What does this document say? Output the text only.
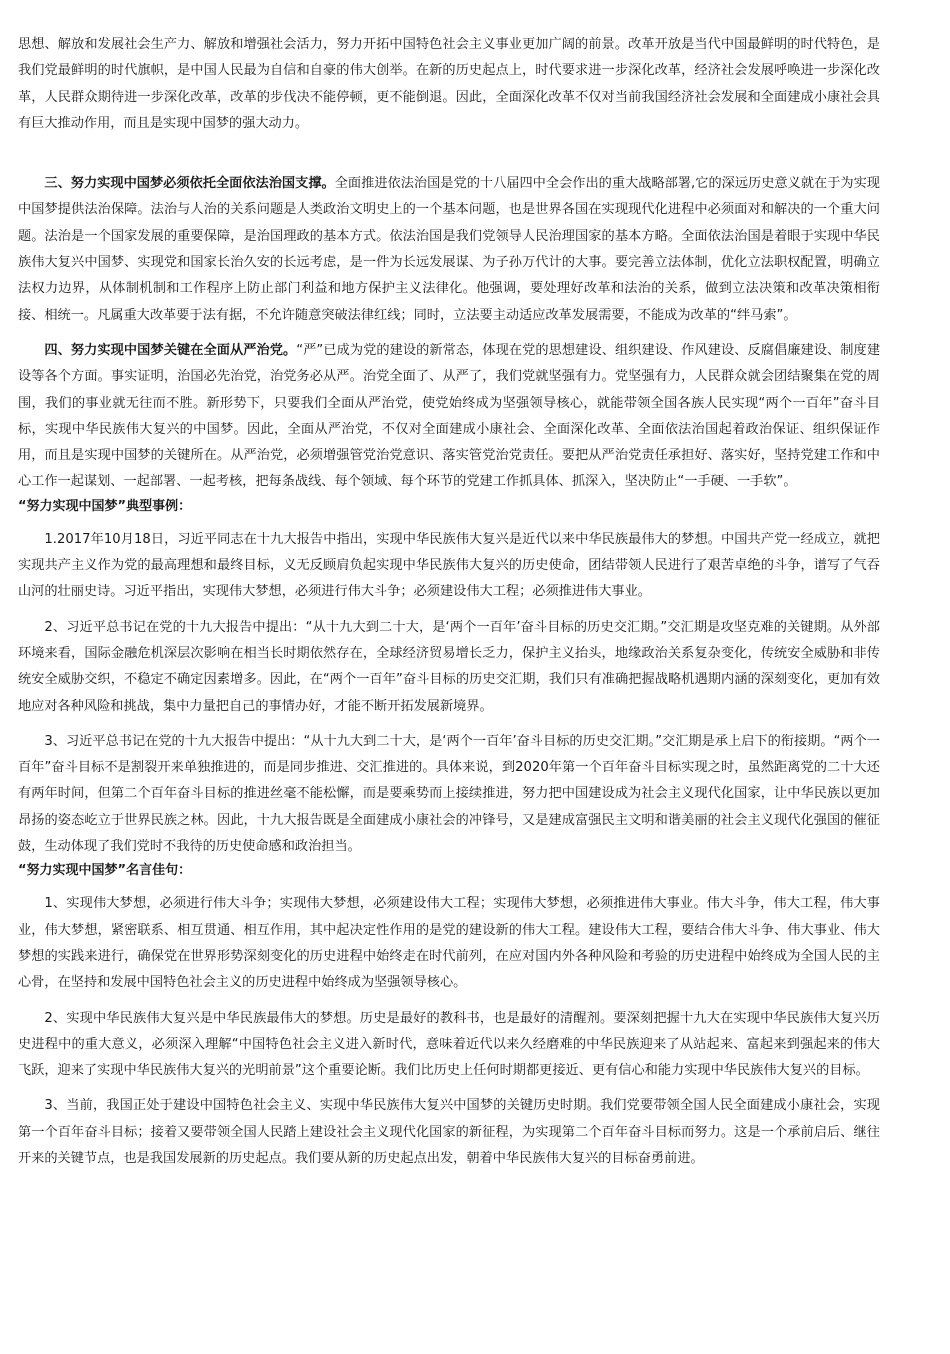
思想、解放和发展社会生产力、解放和增强社会活力，努力开拓中国特色社会主义事业更加广阔的前景。改革开放是当代中国最鲜明的时代特色，是我们党最鲜明的时代旗帜，是中国人民最为自信和自豪的伟大创举。在新的历史起点上，时代要求进一步深化改革，经济社会发展呼唤进一步深化改革，人民群众期待进一步深化改革，改革的步伐决不能停顿，更不能倒退。因此，全面深化改革不仅对当前我国经济社会发展和全面建成小康社会具有巨大推动作用，而且是实现中国梦的强大动力。

三、努力实现中国梦必须依托全面依法治国支撑。全面推进依法治国是党的十八届四中全会作出的重大战略部署,它的深远历史意义就在于为实现中国梦提供法治保障。法治与人治的关系问题是人类政治文明史上的一个基本问题，也是世界各国在实现现代化进程中必须面对和解决的一个重大问题。法治是一个国家发展的重要保障，是治国理政的基本方式。依法治国是我们党领导人民治理国家的基本方略。全面依法治国是着眼于实现中华民族伟大复兴中国梦、实现党和国家长治久安的长远考虑，是一件为长远发展谋、为子孙万代计的大事。要完善立法体制，优化立法职权配置，明确立法权力边界，从体制机制和工作程序上防止部门利益和地方保护主义法律化。他强调，要处理好改革和法治的关系，做到立法决策和改革决策相衔接、相统一。凡属重大改革要于法有据，不允许随意突破法律红线；同时，立法要主动适应改革发展需要，不能成为改革的“绊马索”。

四、努力实现中国梦关键在全面从严治党。“严”已成为党的建设的新常态，体现在党的思想建设、组织建设、作风建设、反腐倡廉建设、制度建设等各个方面。事实证明，治国必先治党，治党务必从严。治党全面了、从严了，我们党就坚强有力。党坚强有力，人民群众就会团结聚集在党的周围，我们的事业就无往而不胜。新形势下，只要我们全面从严治党，使党始终成为坚强领导核心，就能带领全国各族人民实现“两个一百年”奋斗目标，实现中华民族伟大复兴的中国梦。因此，全面从严治党，不仅对全面建成小康社会、全面深化改革、全面依法治国起着政治保证、组织保证作用，而且是实现中国梦的关键所在。从严治党，必须增强管党治党意识、落实管党治党责任。要把从严治党责任承担好、落实好，坚持党建工作和中心工作一起谋划、一起部署、一起考核，把每条战线、每个领域、每个环节的党建工作抓具体、抓深入，坚决防止“一手硬、一手软”。

“努力实现中国梦”典型事例：

1.2017年10月18日，习近平同志在十九大报告中指出，实现中华民族伟大复兴是近代以来中华民族最伟大的梦想。中国共产党一经成立，就把实现共产主义作为党的最高理想和最终目标，义无反顾肩负起实现中华民族伟大复兴的历史使命，团结带领人民进行了艰苦卓绝的斗争，谱写了气吞山河的壮丽史诗。习近平指出，实现伟大梦想，必须进行伟大斗争；必须建设伟大工程；必须推进伟大事业。

2、习近平总书记在党的十九大报告中提出：“从十九大到二十大，是‘两个一百年’奋斗目标的历史交汇期。”交汇期是攻坚克难的关键期。从外部环境来看，国际金融危机深层次影响在相当长时期依然存在，全球经济贸易增长乏力，保护主义抬头，地缘政治关系复杂变化，传统安全威胁和非传统安全威胁交织，不稳定不确定因素增多。因此，在“两个一百年”奋斗目标的历史交汇期，我们只有准确把握战略机遇期内涵的深刻变化，更加有效地应对各种风险和挑战，集中力量把自己的事情办好，才能不断开拓发展新境界。

3、习近平总书记在党的十九大报告中提出：“从十九大到二十大，是‘两个一百年’奋斗目标的历史交汇期。”交汇期是承上启下的衔接期。“两个一百年”奋斗目标不是割裂开来单独推进的，而是同步推进、交汇推进的。具体来说，到2020年第一个百年奋斗目标实现之时，虽然距离党的二十大还有两年时间，但第二个百年奋斗目标的推进丝毫不能松懈，而是要乘势而上接续推进，努力把中国建设成为社会主义现代化国家，让中华民族以更加昂扬的姿态屹立于世界民族之林。因此，十九大报告既是全面建成小康社会的冲锋号，又是建成富强民主文明和谐美丽的社会主义现代化强国的催征鼓，生动体现了我们党时不我待的历史使命感和政治担当。

“努力实现中国梦”名言佳句：

1、实现伟大梦想，必须进行伟大斗争；实现伟大梦想，必须建设伟大工程；实现伟大梦想，必须推进伟大事业。伟大斗争，伟大工程，伟大事业，伟大梦想，紧密联系、相互贯通、相互作用，其中起决定性作用的是党的建设新的伟大工程。建设伟大工程，要结合伟大斗争、伟大事业、伟大梦想的实践来进行，确保党在世界形势深刻变化的历史进程中始终走在时代前列，在应对国内外各种风险和考验的历史进程中始终成为全国人民的主心骨，在坚持和发展中国特色社会主义的历史进程中始终成为坚强领导核心。

2、实现中华民族伟大复兴是中华民族最伟大的梦想。历史是最好的教科书，也是最好的清醒剂。要深刻把握十九大在实现中华民族伟大复兴历史进程中的重大意义，必须深入理解“中国特色社会主义进入新时代，意味着近代以来久经磨难的中华民族迎来了从站起来、富起来到强起来的伟大飞跃，迎来了实现中华民族伟大复兴的光明前景”这个重要论断。我们比历史上任何时期都更接近、更有信心和能力实现中华民族伟大复兴的目标。

3、当前，我国正处于建设中国特色社会主义、实现中华民族伟大复兴中国梦的关键历史时期。我们党要带领全国人民全面建成小康社会，实现第一个百年奋斗目标；接着又要带领全国人民踏上建设社会主义现代化国家的新征程，为实现第二个百年奋斗目标而努力。这是一个承前启后、继往开来的关键节点，也是我国发展新的历史起点。我们要从新的历史起点出发，朝着中华民族伟大复兴的目标奋勇前进。
